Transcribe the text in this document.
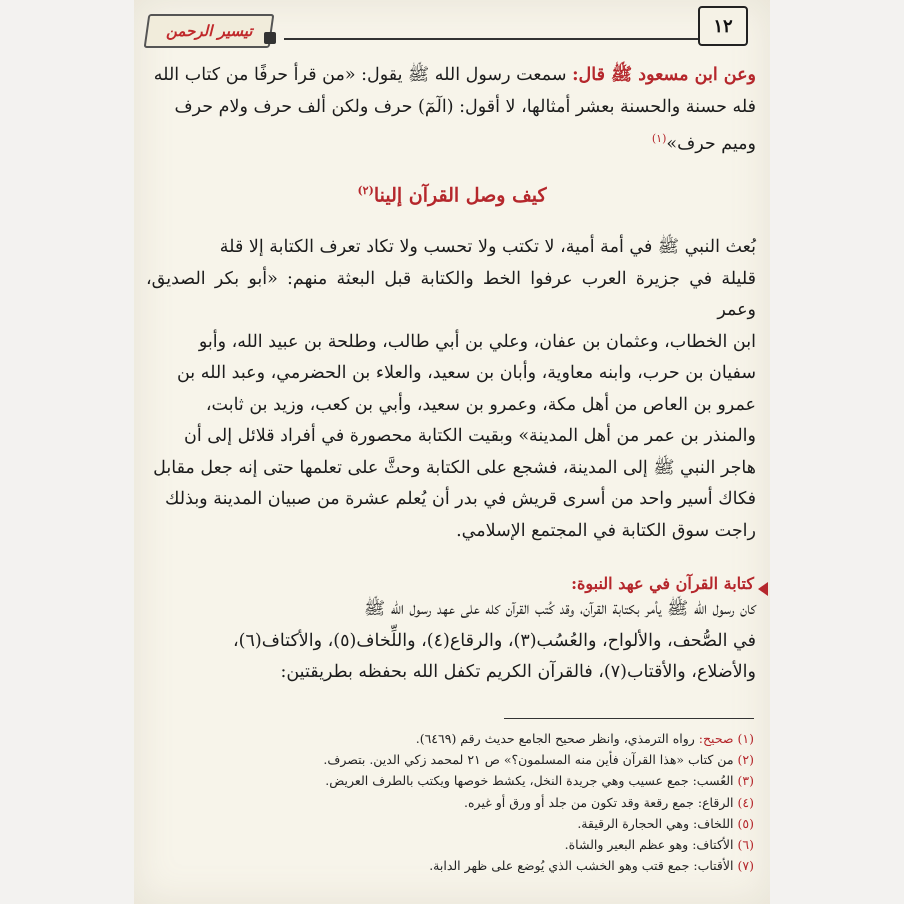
١٢
تيسير الرحمن
وعن ابن مسعود ﷺ قال: سمعت رسول الله ﷺ يقول: «من قرأ حرفًا من كتاب الله
فله حسنة والحسنة بعشر أمثالها، لا أقول: (الٓمٓ) حرف ولكن ألف حرف ولام حرف
وميم حرف»$^{(١)}$
كيف وصل القرآن إلينا$^{(٢)}$
بُعث النبي ﷺ في أمة أمية، لا تكتب ولا تحسب ولا تكاد تعرف الكتابة إلا قلة
قليلة في جزيرة العرب عرفوا الخط والكتابة قبل البعثة منهم: «أبو بكر الصديق، وعمر
ابن الخطاب، وعثمان بن عفان، وعلي بن أبي طالب، وطلحة بن عبيد الله، وأبو
سفيان بن حرب، وابنه معاوية، وأبان بن سعيد، والعلاء بن الحضرمي، وعبد الله بن
عمرو بن العاص من أهل مكة، وعمرو بن سعيد، وأبي بن كعب، وزيد بن ثابت،
والمنذر بن عمر من أهل المدينة» وبقيت الكتابة محصورة في أفراد قلائل إلى أن
هاجر النبي ﷺ إلى المدينة، فشجع على الكتابة وحثَّ على تعلمها حتى إنه جعل مقابل
فكاك أسير واحد من أسرى قريش في بدر أن يُعلم عشرة من صبيان المدينة وبذلك
راجت سوق الكتابة في المجتمع الإسلامي.
كتابة القرآن في عهد النبوة:
كان رسول الله ﷺ يأمر بكتابة القرآن، وقد كُتب القرآن كله على عهد رسول الله ﷺ
في الصُّحف، والألواح، والعُسُب(٣)، والرقاع(٤)، واللِّخاف(٥)، والأكتاف(٦)،
والأضلاع، والأقتاب(٧)، فالقرآن الكريم تكفل الله بحفظه بطريقتين:
(١) صحيح: رواه الترمذي، وانظر صحيح الجامع حديث رقم (٦٤٦٩).
(٢) من كتاب «هذا القرآن فأين منه المسلمون؟» ص ٢١ لمحمد زكي الدين. بتصرف.
(٣) العُسب: جمع عسيب وهي جريدة النخل، يكشط خوصها ويكتب بالطرف العريض.
(٤) الرقاع: جمع رقعة وقد تكون من جلد أو ورق أو غيره.
(٥) اللخاف: وهي الحجارة الرقيقة.
(٦) الأكتاف: وهو عظم البعير والشاة.
(٧) الأقتاب: جمع قتب وهو الخشب الذي يُوضع على ظهر الدابة.
